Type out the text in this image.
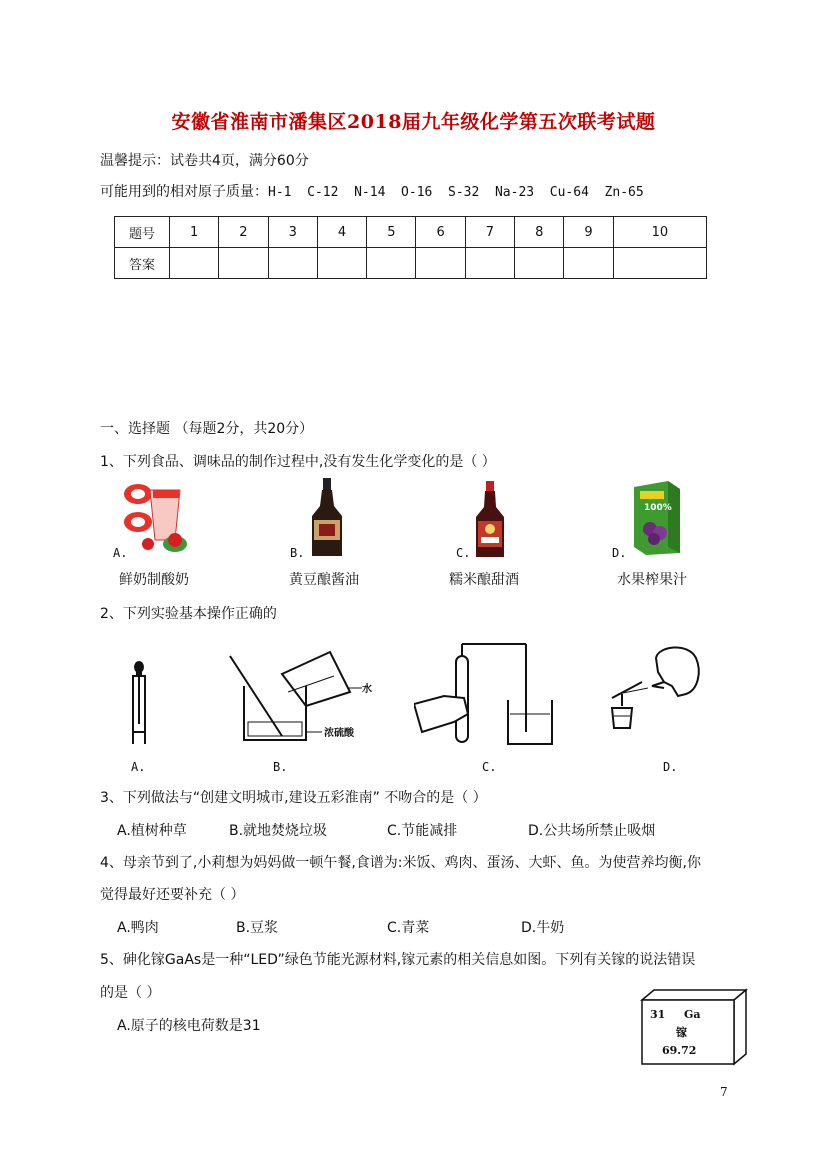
安徽省淮南市潘集区2018届九年级化学第五次联考试题
温馨提示：试卷共4页，满分60分
可能用到的相对原子质量：H-1  C-12  N-14  O-16  S-32  Na-23  Cu-64  Zn-65
题号	1	2	3	4	5	6	7	8	9	10
答案										
一、选择题 （每题2分，共20分）
1、下列食品、调味品的制作过程中,没有发生化学变化的是（ ）
A.	B.	C.
100%
D.
鲜奶制酸奶	黄豆酿酱油	糯米酿甜酒	水果榨果汁
2、下列实验基本操作正确的
水
浓硫酸
A.	B.	C.	D.
3、下列做法与“创建文明城市,建设五彩淮南” 不吻合的是（ ）
A.植树种草	B.就地焚烧垃圾	C.节能减排	D.公共场所禁止吸烟
4、母亲节到了,小莉想为妈妈做一顿午餐,食谱为:米饭、鸡肉、蛋汤、大虾、鱼。为使营养均衡,你
觉得最好还要补充（ ）
A.鸭肉	B.豆浆	C.青菜	D.牛奶
5、砷化镓GaAs是一种“LED”绿色节能光源材料,镓元素的相关信息如图。下列有关镓的说法错误
的是（ ）
A.原子的核电荷数是31
31 Ga
镓
69.72
7
